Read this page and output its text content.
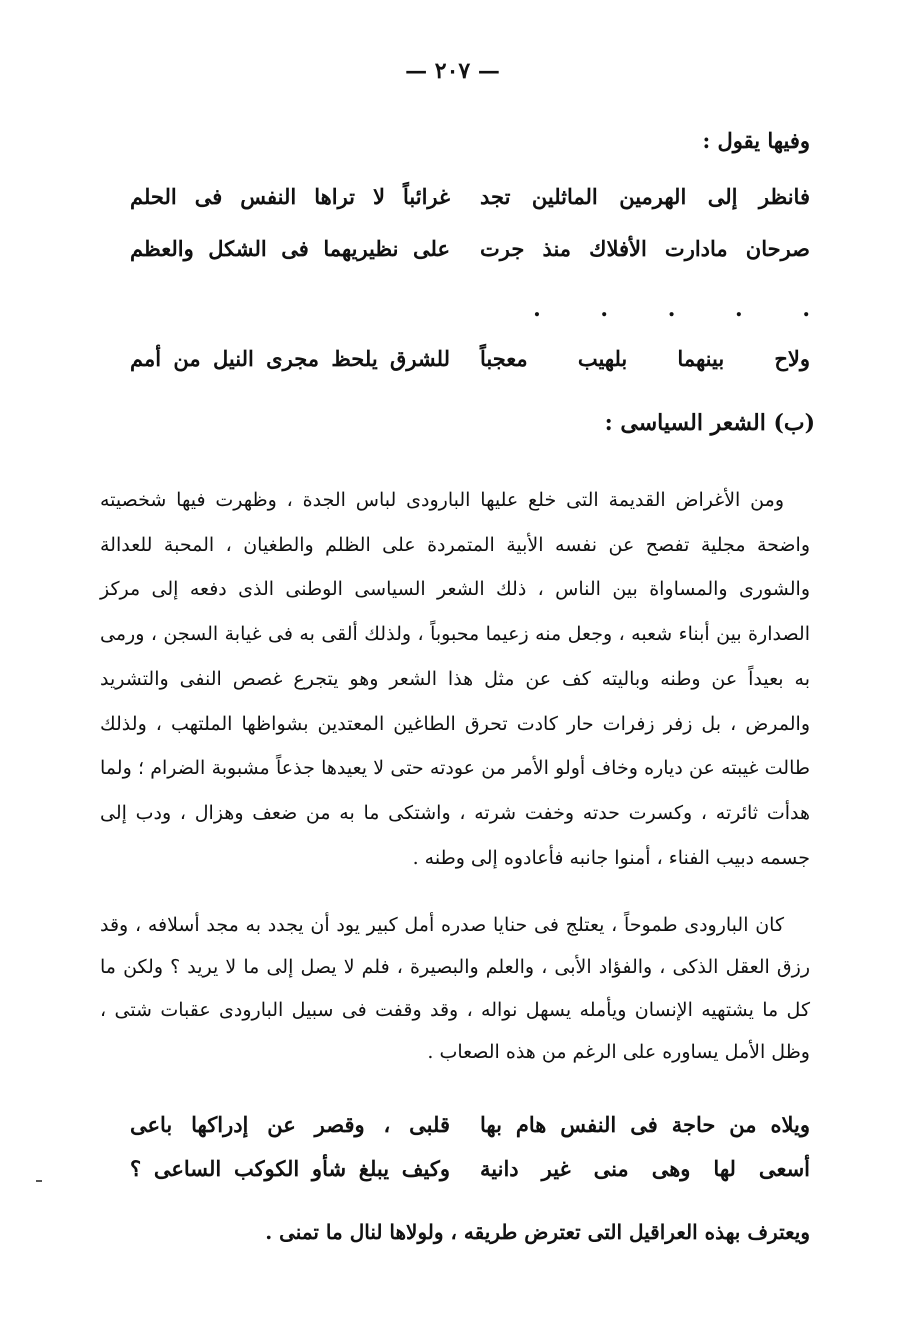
— ٢٠٧ —
وفيها يقول :
فانظر إلى الهرمين الماثلين تجد
غرائباً لا تراها النفس فى الحلم
صرحان مادارت الأفلاك منذ جرت
على نظيريهما فى الشكل والعظم
. . . . .
ولاح بينهما بلهيب معجباً
للشرق يلحظ مجرى النيل من أمم
(ب) الشعر السياسى :

ومن الأغراض القديمة التى خلع عليها البارودى لباس الجدة ، وظهرت فيها شخصيته واضحة مجلية تفصح عن نفسه الأبية المتمردة على الظلم والطغيان ، المحبة للعدالة والشورى والمساواة بين الناس ، ذلك الشعر السياسى الوطنى الذى دفعه إلى مركز الصدارة بين أبناء شعبه ، وجعل منه زعيما محبوباً ، ولذلك ألقى به فى غيابة السجن ، ورمى به بعيداً عن وطنه وباليته كف عن مثل هذا الشعر وهو يتجرع غصص النفى والتشريد والمرض ، بل زفر زفرات حار كادت تحرق الطاغين المعتدين بشواظها الملتهب ، ولذلك طالت غيبته عن دياره وخاف أولو الأمر من عودته حتى لا يعيدها جذعاً مشبوبة الضرام ؛ ولما هدأت ثائرته ، وكسرت حدته وخفت شرته ، واشتكى ما به من ضعف وهزال ، ودب إلى جسمه دبيب الفناء ، أمنوا جانبه فأعادوه إلى وطنه .

كان البارودى طموحاً ، يعتلج فى حنايا صدره أمل كبير يود أن يجدد به مجد أسلافه ، وقد رزق العقل الذكى ، والفؤاد الأبى ، والعلم والبصيرة ، فلم لا يصل إلى ما لا يريد ؟ ولكن ما كل ما يشتهيه الإنسان ويأمله يسهل نواله ، وقد وقفت فى سبيل البارودى عقبات شتى ، وظل الأمل يساوره على الرغم من هذه الصعاب .

ويلاه من حاجة فى النفس هام بها
قلبى ، وقصر عن إدراكها باعى
أسعى لها وهى منى غير دانية
وكيف يبلغ شأو الكوكب الساعى ؟
ويعترف بهذه العراقيل التى تعترض طريقه ، ولولاها لنال ما تمنى .
